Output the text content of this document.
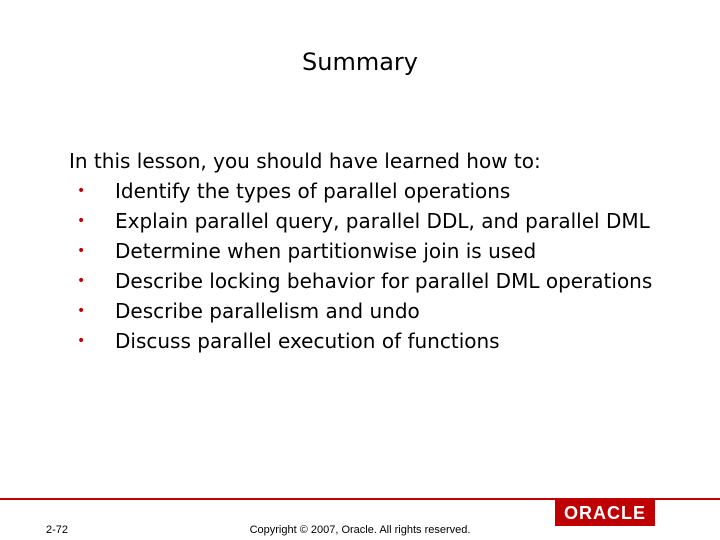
Summary

In this lesson, you should have learned how to:

• Identify the types of parallel operations
• Explain parallel query, parallel DDL, and parallel DML
• Determine when partitionwise join is used
• Describe locking behavior for parallel DML operations
• Describe parallelism and undo
• Discuss parallel execution of functions
2-72	Copyright © 2007, Oracle. All rights reserved.
ORACLE
